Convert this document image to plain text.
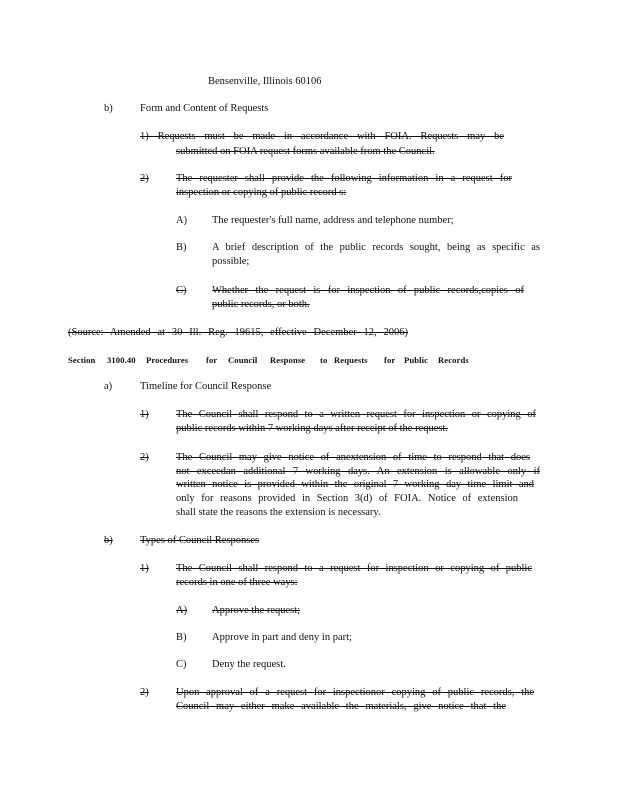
Bensenville, Illinois 60106
b)	Form and Content of Requests
1) Requests must be made in accordance with FOIA. Requests may be
submitted on FOIA request forms available from the Council.
2)	The requester shall provide the following information in a request for
inspection or copying of public record s:
A) The requester's full name, address and telephone number;
B) A brief description of the public records sought, being as specific as
possible;
C) Whether the request is for inspection of public records,copies of
public records, or both.
(Source: Amended at 30 Ill. Reg. 19615, effective December 12, 2006)
Section 3100.40 Procedures for Council Response to Requests for Public Records
a)	Timeline for Council Response
1)	The Council shall respond to a written request for inspection or copying of
public records within 7 working days after receipt of the request.
2)	The Council may give notice of anextension of time to respond that does
not exceedan additional 7 working days. An extension is allowable only if
written notice is provided within the original 7 working day time limit and
only for reasons provided in Section 3(d) of FOIA. Notice of extension
shall state the reasons the extension is necessary.
b)	Types of Council Responses
1)	The Council shall respond to a request for inspection or copying of public
records in one of three ways:
A) Approve the request;
B) Approve in part and deny in part;
C) Deny the request.
2)	Upon approval of a request for inspectionor copying of public records, the
Council may either make available the materials, give notice that the
